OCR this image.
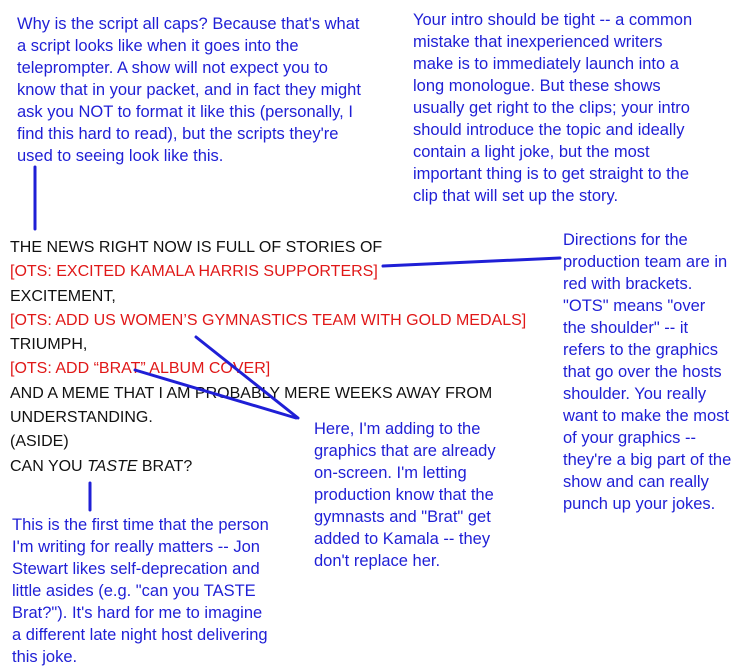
Why is the script all caps? Because that's what
a script looks like when it goes into the
teleprompter. A show will not expect you to
know that in your packet, and in fact they might
ask you NOT to format it like this (personally, I
find this hard to read), but the scripts they're
used to seeing look like this.
Your intro should be tight -- a common
mistake that inexperienced writers
make is to immediately launch into a
long monologue. But these shows
usually get right to the clips; your intro
should introduce the topic and ideally
contain a light joke, but the most
important thing is to get straight to the
clip that will set up the story.
Directions for the
production team are in
red with brackets.
"OTS" means "over
the shoulder" -- it
refers to the graphics
that go over the hosts
shoulder. You really
want to make the most
of your graphics --
they're a big part of the
show and can really
punch up your jokes.
Here, I'm adding to the
graphics that are already
on-screen. I'm letting
production know that the
gymnasts and "Brat" get
added to Kamala -- they
don't replace her.
This is the first time that the person
I'm writing for really matters -- Jon
Stewart likes self-deprecation and
little asides (e.g. "can you TASTE
Brat?"). It's hard for me to imagine
a different late night host delivering
this joke.
THE NEWS RIGHT NOW IS FULL OF STORIES OF
[OTS: EXCITED KAMALA HARRIS SUPPORTERS]
EXCITEMENT,
[OTS: ADD US WOMEN’S GYMNASTICS TEAM WITH GOLD MEDALS]
TRIUMPH,
[OTS: ADD “BRAT” ALBUM COVER]
AND A MEME THAT I AM PROBABLY MERE WEEKS AWAY FROM
UNDERSTANDING.
(ASIDE)
CAN YOU TASTE BRAT?
